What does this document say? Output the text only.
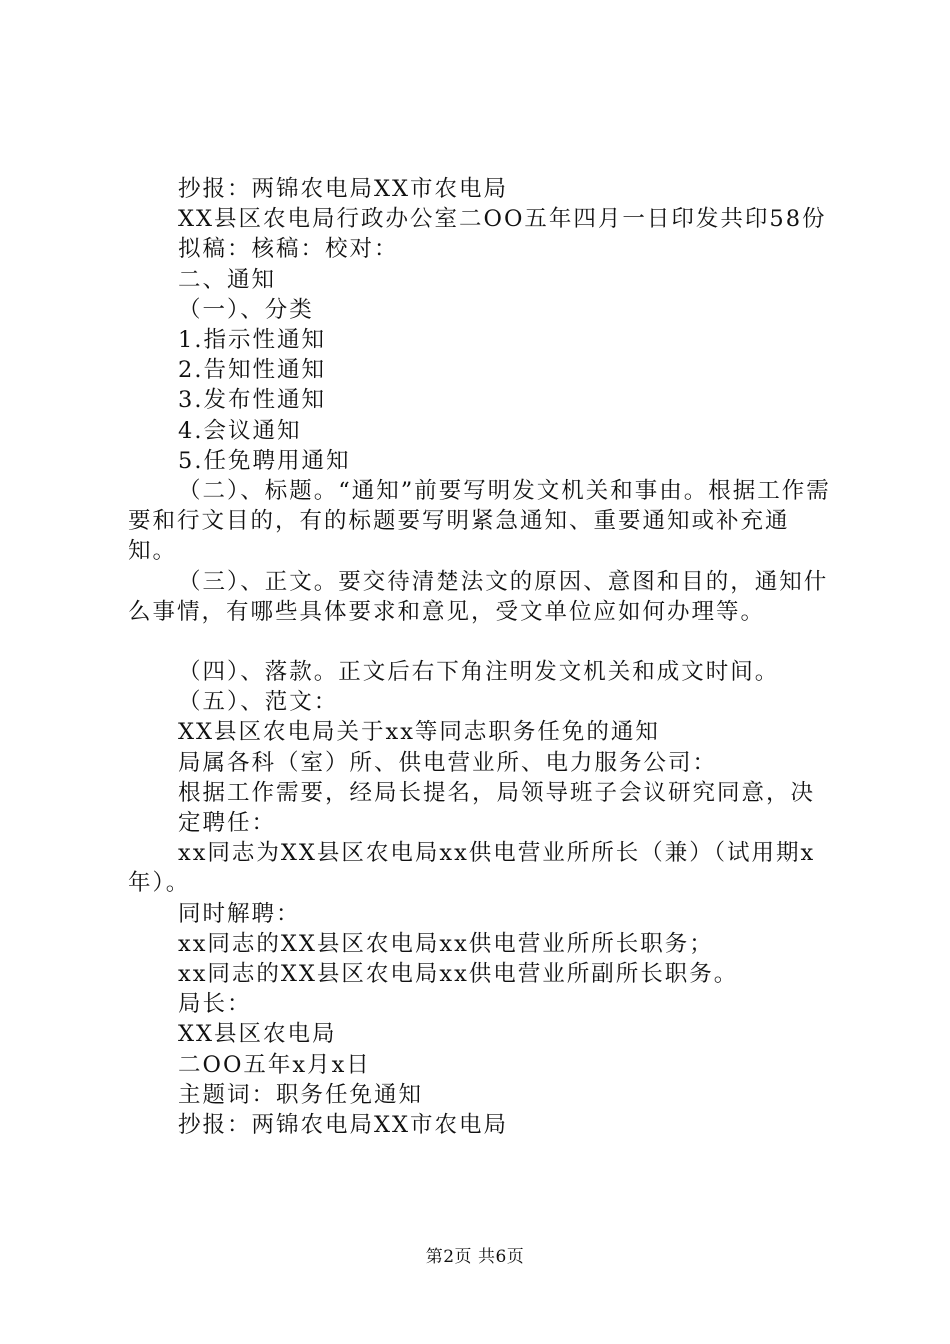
抄报：两锦农电局XX市农电局

XX县区农电局行政办公室二OO五年四月一日印发共印58份

拟稿：核稿：校对：

二、通知

（一）、分类

1.指示性通知

2.告知性通知

3.发布性通知

4.会议通知

5.任免聘用通知

（二）、标题。“通知”前要写明发文机关和事由。根据工作需要和行文目的，有的标题要写明紧急通知、重要通知或补充通知。

（三）、正文。要交待清楚法文的原因、意图和目的，通知什么事情，有哪些具体要求和意见，受文单位应如何办理等。

（四）、落款。正文后右下角注明发文机关和成文时间。

（五）、范文：

XX县区农电局关于xx等同志职务任免的通知

局属各科（室）所、供电营业所、电力服务公司：

根据工作需要，经局长提名，局领导班子会议研究同意，决定聘任：

xx同志为XX县区农电局xx供电营业所所长（兼）（试用期x年）。

同时解聘：

xx同志的XX县区农电局xx供电营业所所长职务；

xx同志的XX县区农电局xx供电营业所副所长职务。

局长：

XX县区农电局

二OO五年x月x日

主题词：职务任免通知

抄报：两锦农电局XX市农电局

第2页 共6页
